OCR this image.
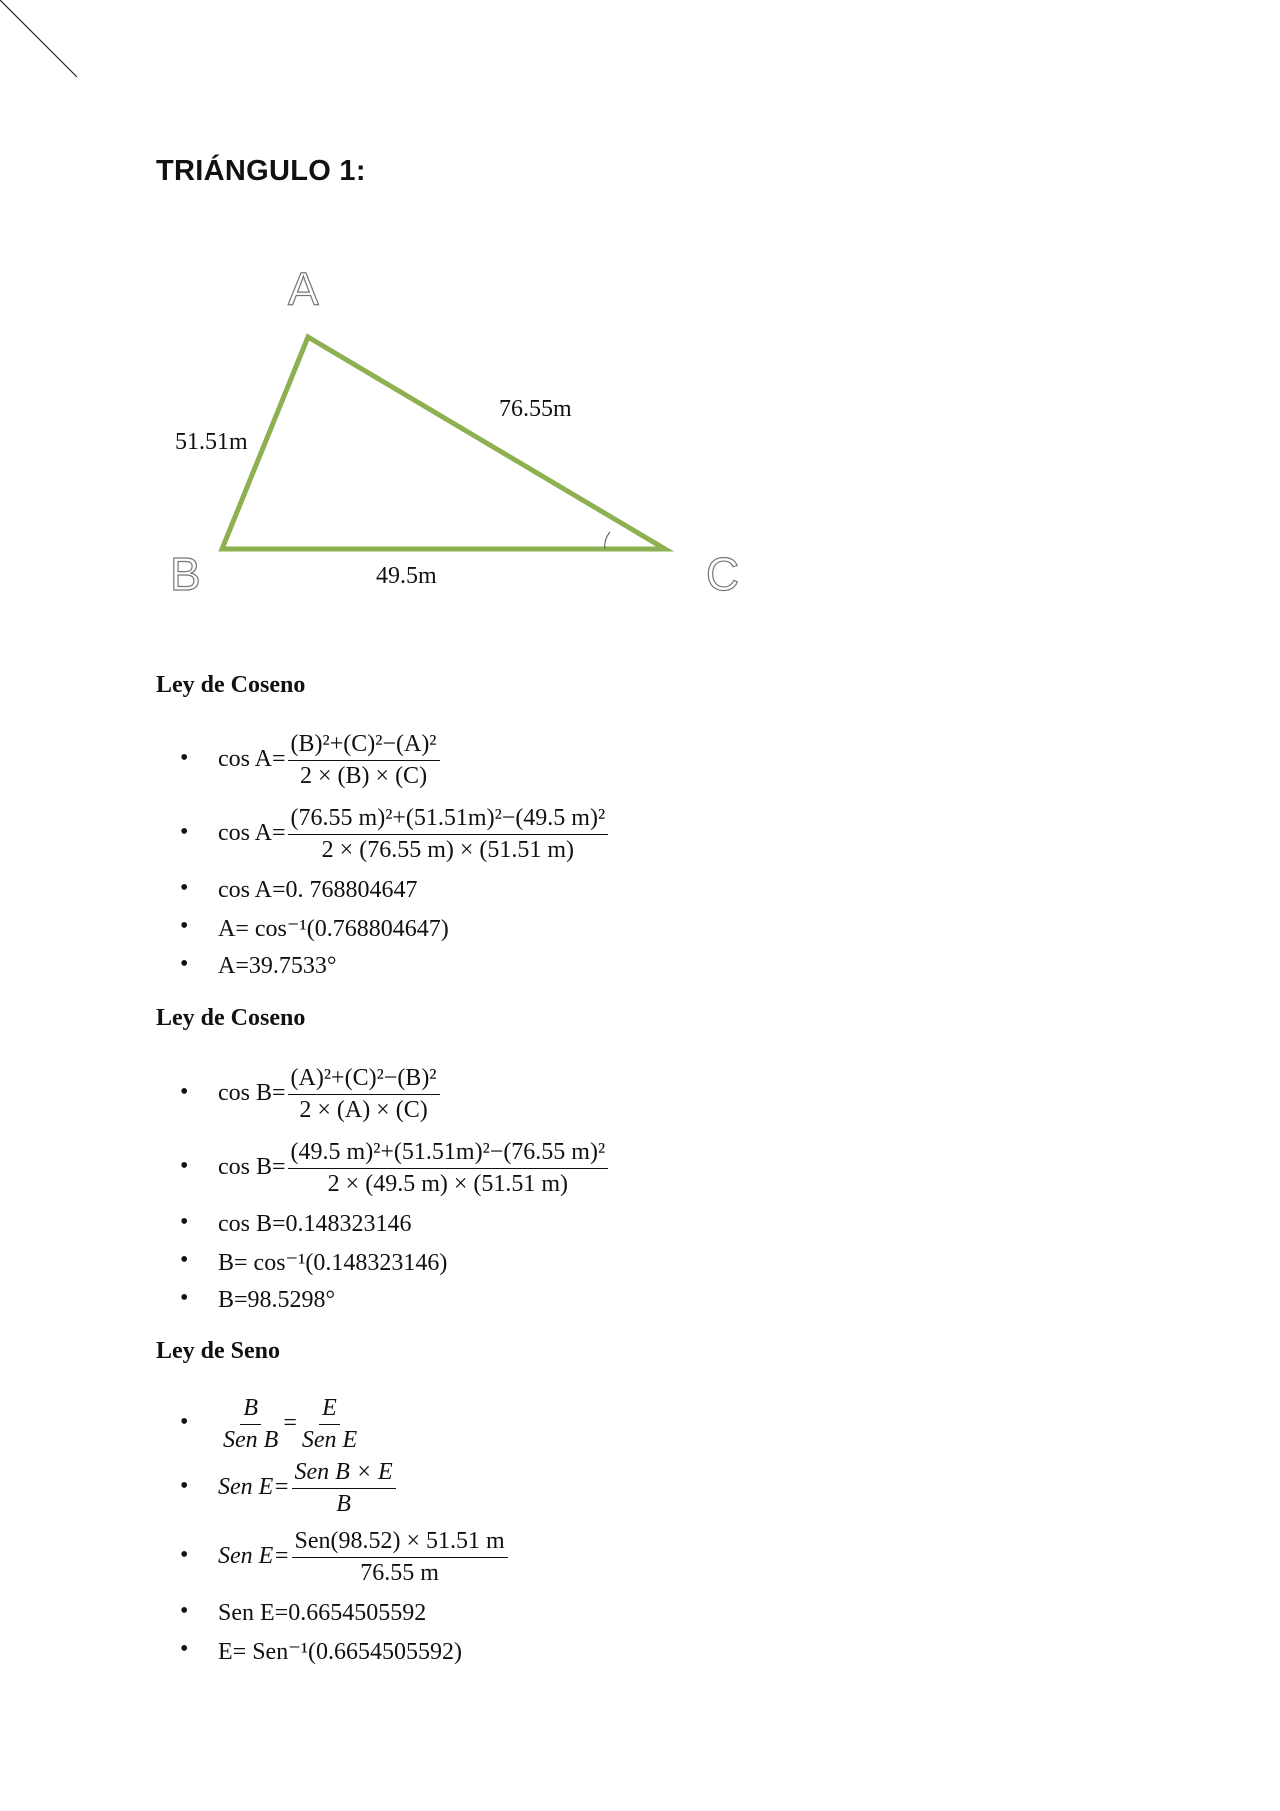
TRIÁNGULO 1:
A
B	C
51.51m
76.55m
49.5m
Ley de Coseno
• $\cos A= \frac{\text{(B)²+(C)²−(A)²}}{2 \times (B) \times (C)}$
• $\cos A= \frac{\text{(76.55 m)²+(51.51m)²−(49.5 m)²}}{2 \times (76.55 m) \times (51.51 m)}$
• cos A=0. 768804647
• A= cos⁻¹(0.768804647)
• A=39.7533°
Ley de Coseno
• $\cos B= \frac{\text{(A)²+(C)²−(B)²}}{2 \times (A) \times (C)}$
• $\cos B= \frac{\text{(49.5 m)²+(51.51m)²−(76.55 m)²}}{2 \times (49.5 m) \times (51.51 m)}$
• cos B=0.148323146
• B= cos⁻¹(0.148323146)
• B=98.5298°
Ley de Seno
• $\frac{B}{\text{Sen B}} = \frac{E}{\text{Sen E}}$
• Sen $E= \frac{\text{Sen B × E}}{B}$
• Sen $E= \frac{\text{Sen(98.52) × 51.51 m}}{76.55 m}$
• Sen E=0.6654505592
• E= Sen⁻¹(0.6654505592)
